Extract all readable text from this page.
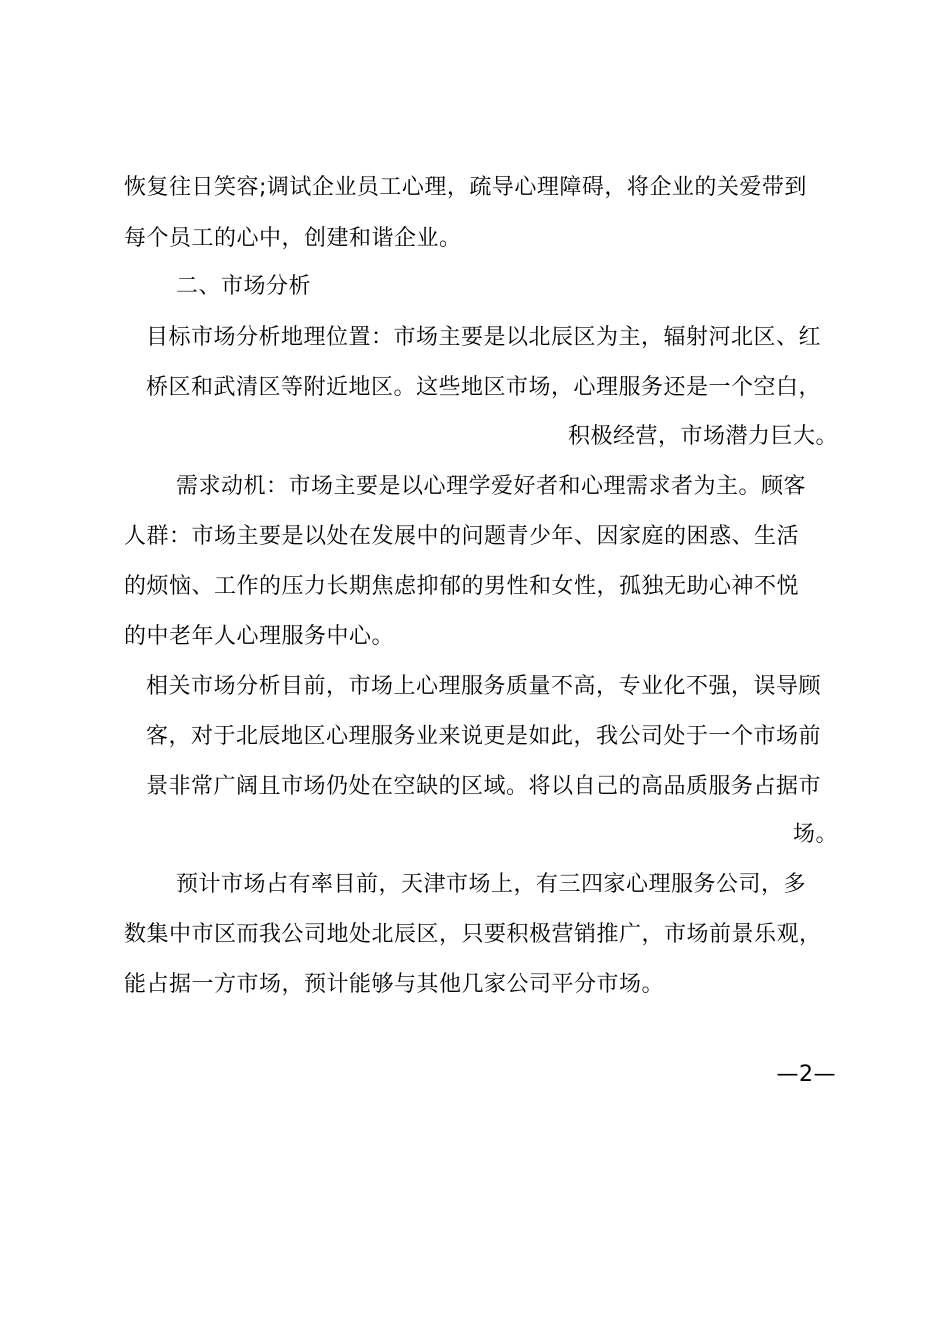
恢复往日笑容;调试企业员工心理，疏导心理障碍，将企业的关爱带到
每个员工的心中，创建和谐企业。
二、市场分析
目标市场分析地理位置：市场主要是以北辰区为主，辐射河北区、红
桥区和武清区等附近地区。这些地区市场，心理服务还是一个空白，
积极经营，市场潜力巨大。
需求动机：市场主要是以心理学爱好者和心理需求者为主。顾客
人群：市场主要是以处在发展中的问题青少年、因家庭的困惑、生活
的烦恼、工作的压力长期焦虑抑郁的男性和女性，孤独无助心神不悦
的中老年人心理服务中心。
相关市场分析目前，市场上心理服务质量不高，专业化不强，误导顾
客，对于北辰地区心理服务业来说更是如此，我公司处于一个市场前
景非常广阔且市场仍处在空缺的区域。将以自己的高品质服务占据市
场。
预计市场占有率目前，天津市场上，有三四家心理服务公司，多
数集中市区而我公司地处北辰区，只要积极营销推广，市场前景乐观，
能占据一方市场，预计能够与其他几家公司平分市场。
—2—
